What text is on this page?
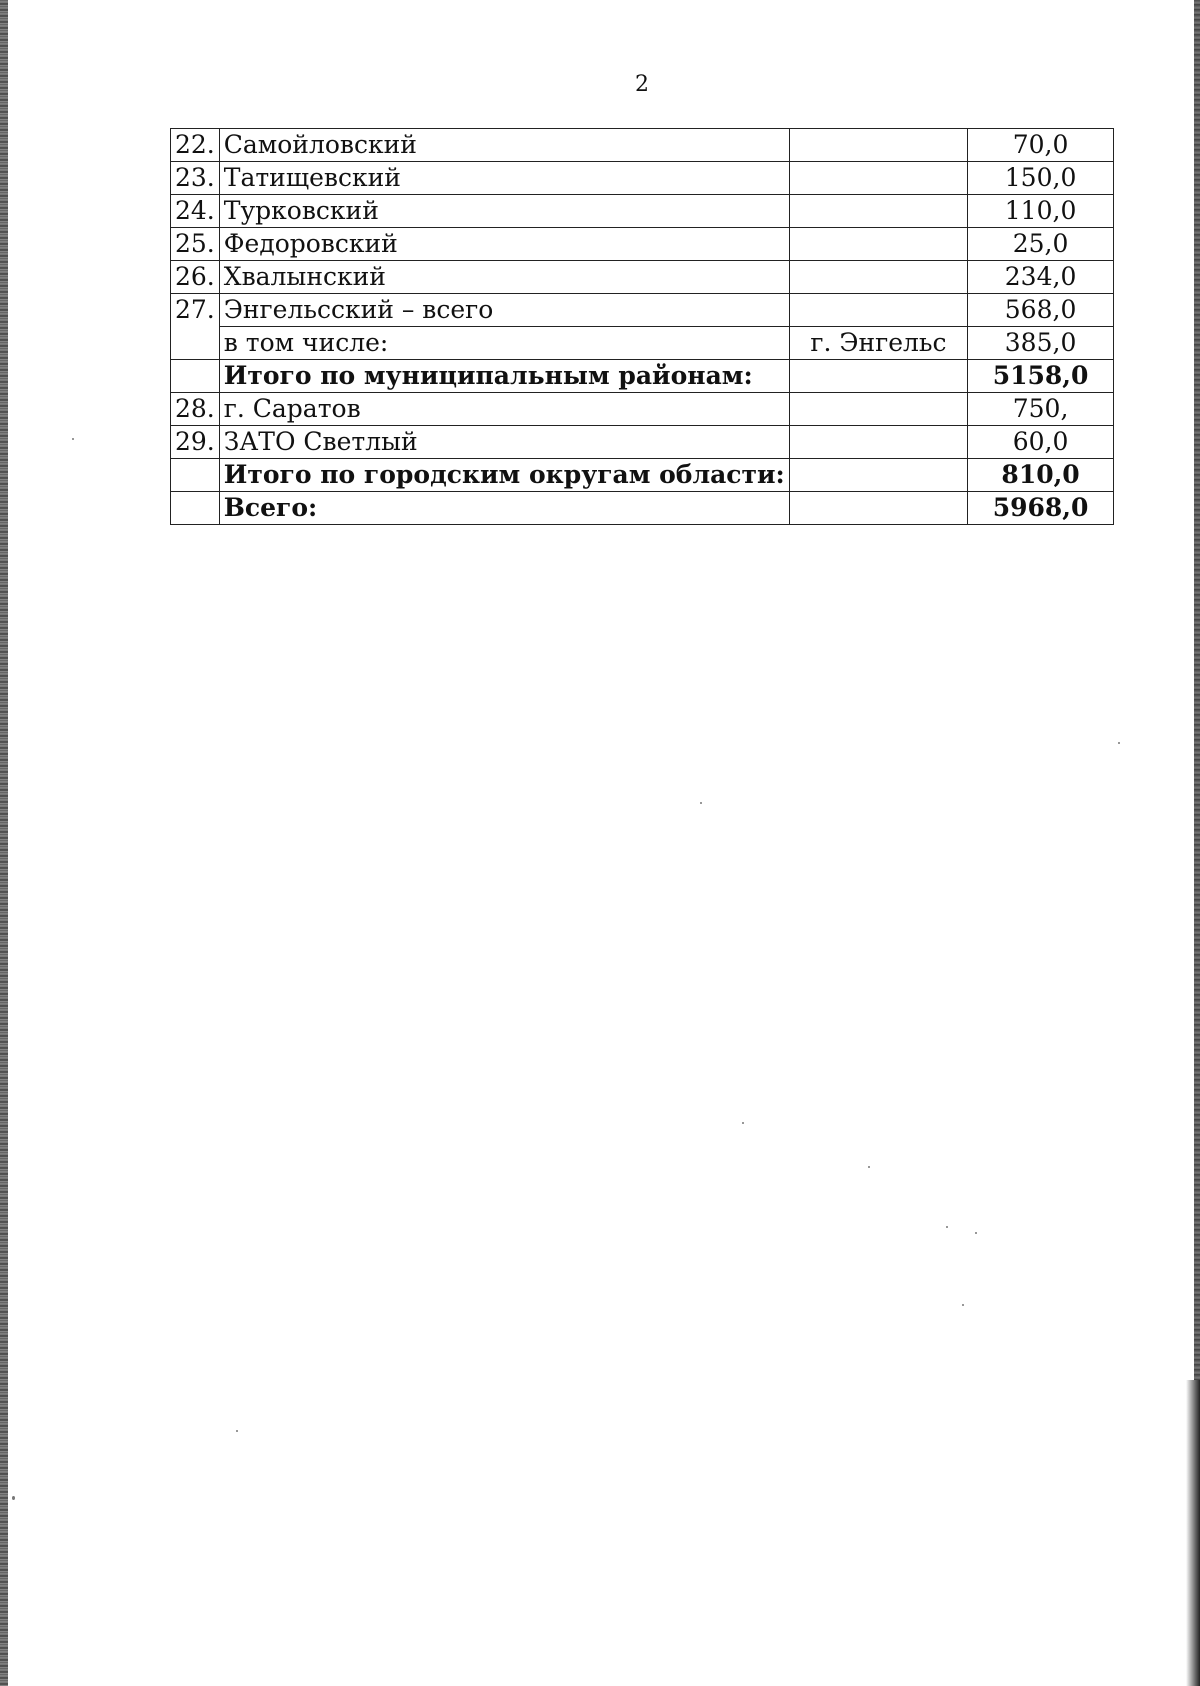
2
22.	Самойловский		70,0
23.	Татищевский		150,0
24.	Турковский		110,0
25.	Федоровский		25,0
26.	Хвалынский		234,0
27.	Энгельсский – всего		568,0
	в том числе:	г. Энгельс	385,0
	Итого по муниципальным районам:		5158,0
28.	г. Саратов		750,
29.	ЗАТО Светлый		60,0
	Итого по городским округам области:		810,0
	Всего:		5968,0
